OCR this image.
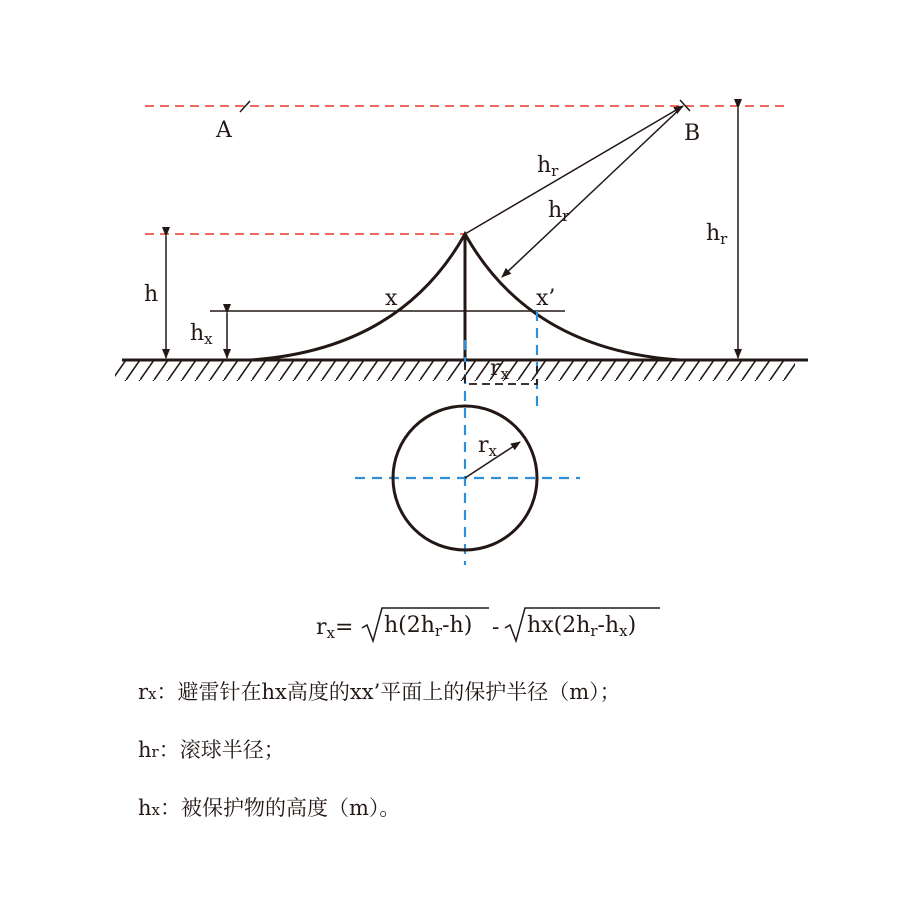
A	B
hr
hr
hr
h
hx
x	x’
rx
rx
rx= h(2hr-h) - hx(2hr-hx)
rx：避雷针在hx高度的xx’平面上的保护半径（m）；
hr：滚球半径；
hx：被保护物的高度（m）。
